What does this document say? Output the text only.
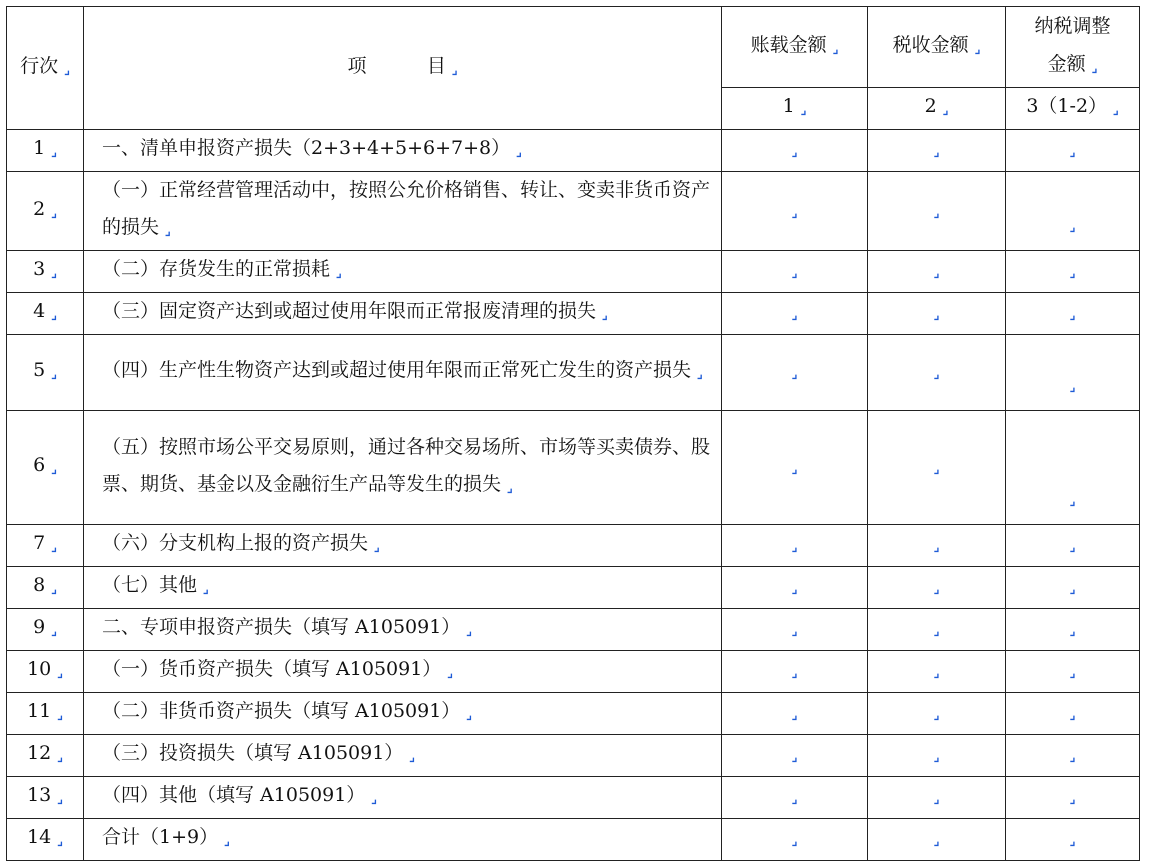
行次 ⌟	项          目 ⌟	账载金额 ⌟	税收金额 ⌟	纳税调整
金额 ⌟

		1 ⌟	2 ⌟	3（1-2） ⌟
1 ⌟	一、清单申报资产损失（2+3+4+5+6+7+8） ⌟	⌟	⌟	⌟
2 ⌟	（一）正常经营管理活动中，按照公允价格销售、转让、变卖非货币资产的损失 ⌟	⌟	⌟	⌟
3 ⌟	（二）存货发生的正常损耗 ⌟	⌟	⌟	⌟
4 ⌟	（三）固定资产达到或超过使用年限而正常报废清理的损失 ⌟	⌟	⌟	⌟
5 ⌟	（四）生产性生物资产达到或超过使用年限而正常死亡发生的资产损失 ⌟	⌟	⌟	⌟
6 ⌟	（五）按照市场公平交易原则，通过各种交易场所、市场等买卖债券、股票、期货、基金以及金融衍生产品等发生的损失 ⌟	⌟	⌟	⌟
7 ⌟	（六）分支机构上报的资产损失 ⌟	⌟	⌟	⌟
8 ⌟	（七）其他 ⌟	⌟	⌟	⌟
9 ⌟	二、专项申报资产损失（填写 A105091） ⌟	⌟	⌟	⌟
10 ⌟	（一）货币资产损失（填写 A105091） ⌟	⌟	⌟	⌟
11 ⌟	（二）非货币资产损失（填写 A105091） ⌟	⌟	⌟	⌟
12 ⌟	（三）投资损失（填写 A105091） ⌟	⌟	⌟	⌟
13 ⌟	（四）其他（填写 A105091） ⌟	⌟	⌟	⌟
14 ⌟	合计（1+9） ⌟	⌟	⌟	⌟
